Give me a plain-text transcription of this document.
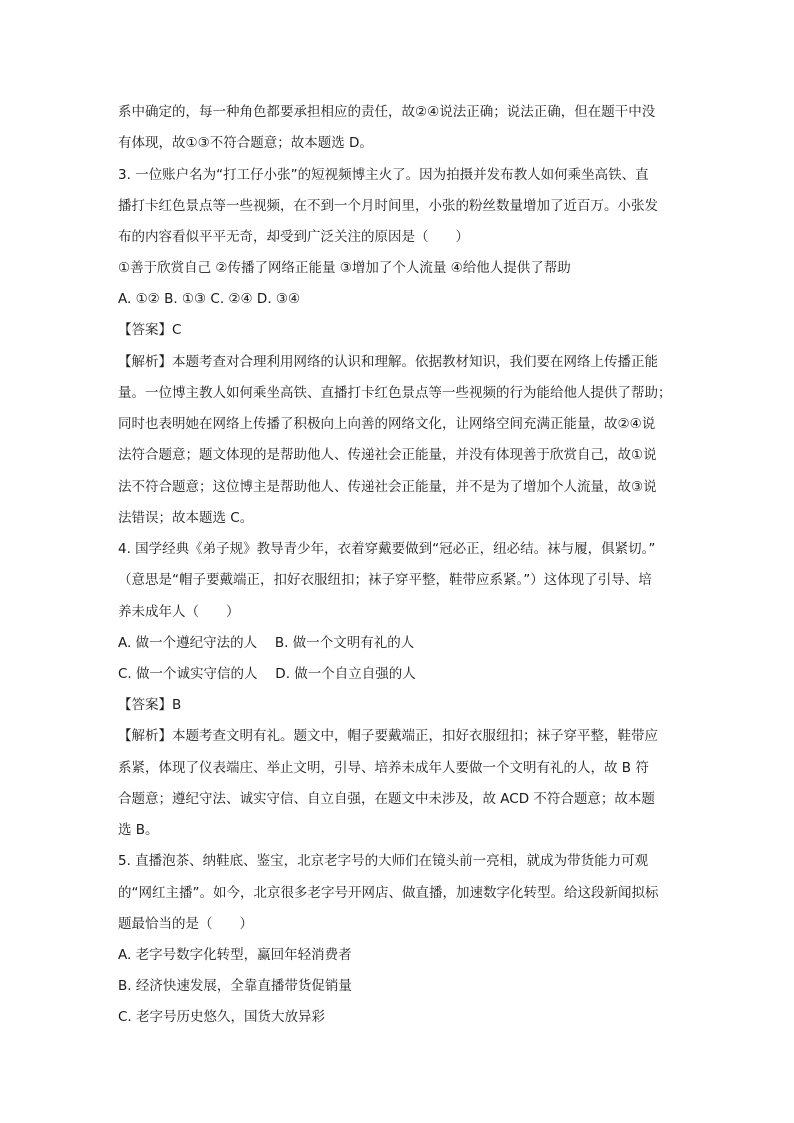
系中确定的，每一种角色都要承担相应的责任，故②④说法正确；说法正确，但在题干中没
有体现，故①③不符合题意；故本题选 D。
3. 一位账户名为“打工仔小张”的短视频博主火了。因为拍摄并发布教人如何乘坐高铁、直
播打卡红色景点等一些视频，在不到一个月时间里，小张的粉丝数量增加了近百万。小张发
布的内容看似平平无奇，却受到广泛关注的原因是（　　）
①善于欣赏自己 ②传播了网络正能量 ③增加了个人流量 ④给他人提供了帮助
A. ①② B. ①③ C. ②④ D. ③④
【答案】C
【解析】本题考查对合理利用网络的认识和理解。依据教材知识，我们要在网络上传播正能
量。一位博主教人如何乘坐高铁、直播打卡红色景点等一些视频的行为能给他人提供了帮助；
同时也表明她在网络上传播了积极向上向善的网络文化，让网络空间充满正能量，故②④说
法符合题意；题文体现的是帮助他人、传递社会正能量，并没有体现善于欣赏自己，故①说
法不符合题意；这位博主是帮助他人、传递社会正能量，并不是为了增加个人流量，故③说
法错误；故本题选 C。
4. 国学经典《弟子规》教导青少年，衣着穿戴要做到“冠必正，纽必结。袜与履，俱紧切。”
（意思是“帽子要戴端正，扣好衣服纽扣；袜子穿平整，鞋带应系紧。”）这体现了引导、培
养未成年人（　　）
A. 做一个遵纪守法的人　 B. 做一个文明有礼的人
C. 做一个诚实守信的人　 D. 做一个自立自强的人
【答案】B
【解析】本题考查文明有礼。题文中，帽子要戴端正，扣好衣服纽扣；袜子穿平整，鞋带应
系紧，体现了仪表端庄、举止文明，引导、培养未成年人要做一个文明有礼的人，故 B 符
合题意；遵纪守法、诚实守信、自立自强，在题文中未涉及，故 ACD 不符合题意；故本题
选 B。
5. 直播泡茶、纳鞋底、鉴宝，北京老字号的大师们在镜头前一亮相，就成为带货能力可观
的“网红主播”。如今，北京很多老字号开网店、做直播，加速数字化转型。给这段新闻拟标
题最恰当的是（　　）
A. 老字号数字化转型，赢回年轻消费者
B. 经济快速发展，全靠直播带货促销量
C. 老字号历史悠久，国货大放异彩
